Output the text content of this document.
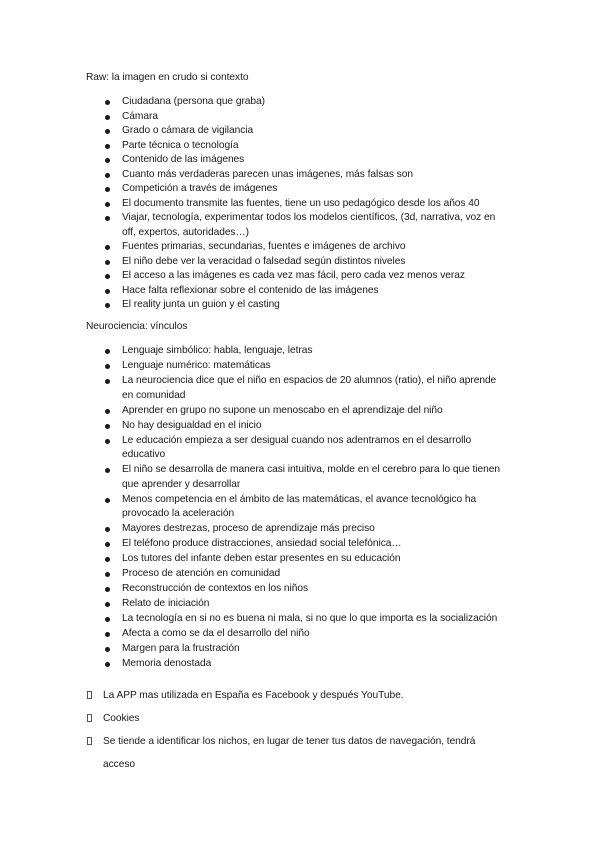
Raw: la imagen en crudo si contexto
Ciudadana (persona que graba)
Cámara
Grado o cámara de vigilancia
Parte técnica o tecnología
Contenido de las imágenes
Cuanto más verdaderas parecen unas imágenes, más falsas son
Competición a través de imágenes
El documento transmite las fuentes, tiene un uso pedagógico desde los años 40
Viajar, tecnología, experimentar todos los modelos científicos, (3d, narrativa, voz en off, expertos, autoridades…)
Fuentes primarias, secundarias, fuentes e imágenes de archivo
El niño debe ver la veracidad o falsedad según distintos niveles
El acceso a las imágenes es cada vez mas fácil, pero cada vez menos veraz
Hace falta reflexionar sobre el contenido de las imágenes
El reality junta un guion y el casting
Neurociencia: vínculos
Lenguaje simbólico: habla, lenguaje, letras
Lenguaje numérico: matemáticas
La neurociencia dice que el niño en espacios de 20 alumnos (ratio), el niño aprende en comunidad
Aprender en grupo no supone un menoscabo en el aprendizaje del niño
No hay desigualdad en el inicio
Le educación empieza a ser desigual cuando nos adentramos en el desarrollo educativo
El niño se desarrolla de manera casi intuitiva, molde en el cerebro para lo que tienen que aprender y desarrollar
Menos competencia en el ámbito de las matemáticas, el avance tecnológico ha provocado la aceleración
Mayores destrezas, proceso de aprendizaje más preciso
El teléfono produce distracciones, ansiedad social telefónica…
Los tutores del infante deben estar presentes en su educación
Proceso de atención en comunidad
Reconstrucción de contextos en los niños
Relato de iniciación
La tecnología en si no es buena ni mala, si no que lo que importa es la socialización
Afecta a como se da el desarrollo del niño
Margen para la frustración
Memoria denostada
La APP mas utilizada en España es Facebook y después YouTube.
Cookies
Se tiende a identificar los nichos, en lugar de tener tus datos de navegación, tendrá acceso
